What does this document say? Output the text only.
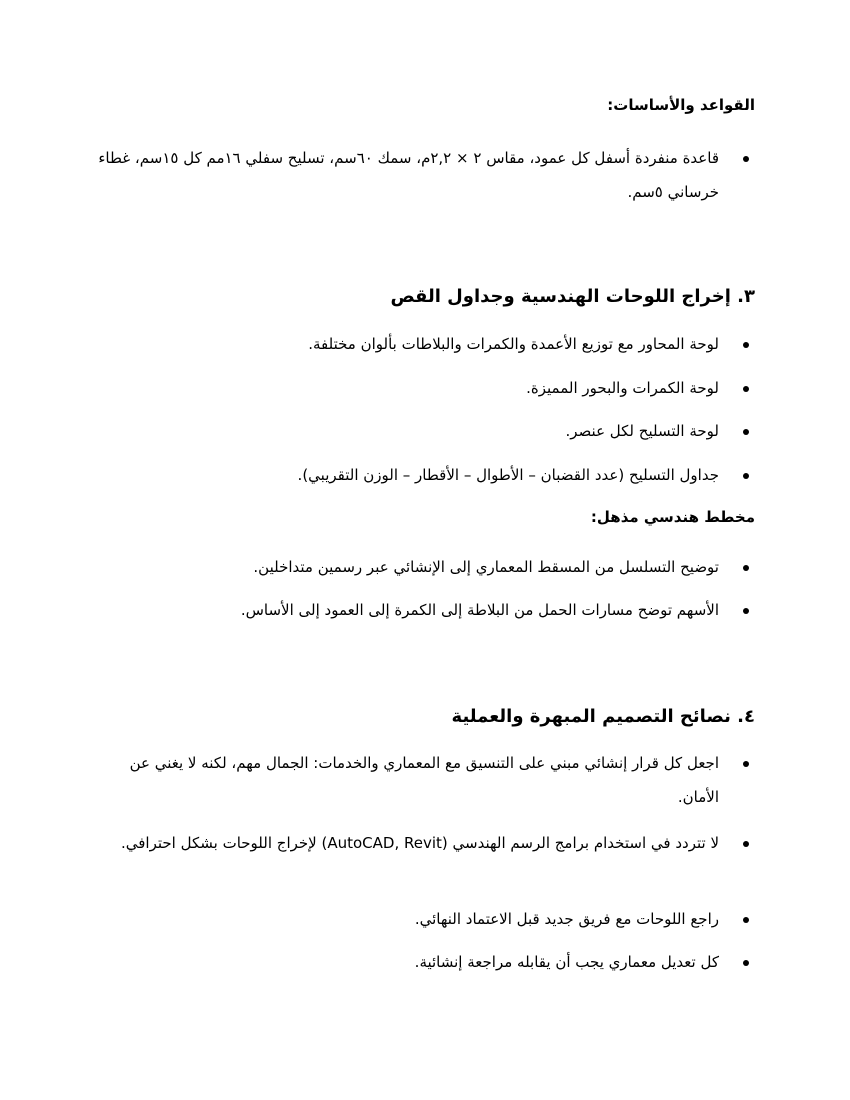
القواعد والأساسات:
قاعدة منفردة أسفل كل عمود، مقاس ٢ × ٢,٢م، سمك ٦٠سم، تسليح سفلي ١٦مم كل ١٥سم، غطاء خرساني ٥سم.
٣. إخراج اللوحات الهندسية وجداول القص
لوحة المحاور مع توزيع الأعمدة والكمرات والبلاطات بألوان مختلفة.
لوحة الكمرات والبحور المميزة.
لوحة التسليح لكل عنصر.
جداول التسليح (عدد القضبان – الأطوال – الأقطار – الوزن التقريبي).
مخطط هندسي مذهل:
توضيح التسلسل من المسقط المعماري إلى الإنشائي عبر رسمين متداخلين.
الأسهم توضح مسارات الحمل من البلاطة إلى الكمرة إلى العمود إلى الأساس.
٤. نصائح التصميم المبهرة والعملية
اجعل كل قرار إنشائي مبني على التنسيق مع المعماري والخدمات: الجمال مهم، لكنه لا يغني عن الأمان.
لا تتردد في استخدام برامج الرسم الهندسي (AutoCAD, Revit) لإخراج اللوحات بشكل احترافي.
راجع اللوحات مع فريق جديد قبل الاعتماد النهائي.
كل تعديل معماري يجب أن يقابله مراجعة إنشائية.
